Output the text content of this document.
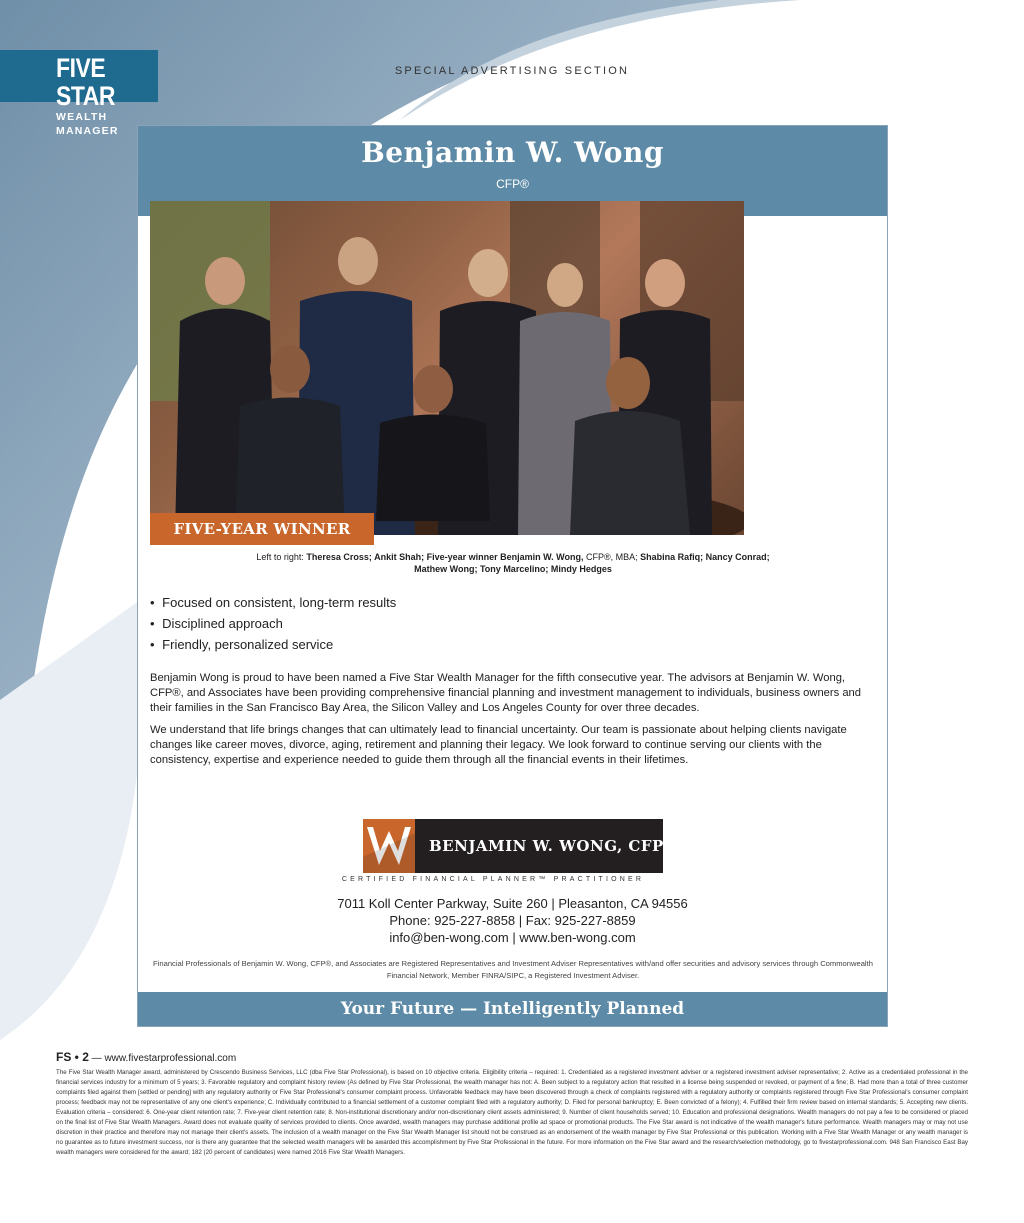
FIVE STAR
WEALTH MANAGER
SPECIAL ADVERTISING SECTION
Benjamin W. Wong
CFP®
FIVE-YEAR WINNER
Left to right: Theresa Cross; Ankit Shah; Five-year winner Benjamin W. Wong, CFP®, MBA; Shabina Rafiq; Nancy Conrad;
Mathew Wong; Tony Marcelino; Mindy Hedges
• Focused on consistent, long-term results
• Disciplined approach
• Friendly, personalized service

Benjamin Wong is proud to have been named a Five Star Wealth Manager for the fifth consecutive year. The advisors at Benjamin W. Wong, CFP®, and Associates have been providing comprehensive financial planning and investment management to individuals, business owners and their families in the San Francisco Bay Area, the Silicon Valley and Los Angeles County for over three decades.

We understand that life brings changes that can ultimately lead to financial uncertainty. Our team is passionate about helping clients navigate changes like career moves, divorce, aging, retirement and planning their legacy. We look forward to continue serving our clients with the consistency, expertise and experience needed to guide them through all the financial events in their lifetimes.

BENJAMIN W. WONG, CFP®
CERTIFIED FINANCIAL PLANNER™ PRACTITIONER
7011 Koll Center Parkway, Suite 260 | Pleasanton, CA 94556
Phone: 925-227-8858 | Fax: 925-227-8859
info@ben-wong.com | www.ben-wong.com
Financial Professionals of Benjamin W. Wong, CFP®, and Associates are Registered Representatives and Investment Adviser Representatives with/and offer securities and advisory services through Commonwealth Financial Network, Member FINRA/SIPC, a Registered Investment Adviser.
Your Future — Intelligently Planned
FS • 2 — www.fivestarprofessional.com
The Five Star Wealth Manager award, administered by Crescendo Business Services, LLC (dba Five Star Professional), is based on 10 objective criteria. Eligibility criteria – required: 1. Credentialed as a registered investment adviser or a registered investment adviser representative; 2. Active as a credentialed professional in the financial services industry for a minimum of 5 years; 3. Favorable regulatory and complaint history review (As defined by Five Star Professional, the wealth manager has not: A. Been subject to a regulatory action that resulted in a license being suspended or revoked, or payment of a fine; B. Had more than a total of three customer complaints filed against them [settled or pending] with any regulatory authority or Five Star Professional's consumer complaint process. Unfavorable feedback may have been discovered through a check of complaints registered with a regulatory authority or complaints registered through Five Star Professional's consumer complaint process; feedback may not be representative of any one client's experience; C. Individually contributed to a financial settlement of a customer complaint filed with a regulatory authority; D. Filed for personal bankruptcy; E. Been convicted of a felony); 4. Fulfilled their firm review based on internal standards; 5. Accepting new clients. Evaluation criteria – considered: 6. One-year client retention rate; 7. Five-year client retention rate; 8. Non-institutional discretionary and/or non-discretionary client assets administered; 9. Number of client households served; 10. Education and professional designations. Wealth managers do not pay a fee to be considered or placed on the final list of Five Star Wealth Managers. Award does not evaluate quality of services provided to clients. Once awarded, wealth managers may purchase additional profile ad space or promotional products. The Five Star award is not indicative of the wealth manager's future performance. Wealth managers may or may not use discretion in their practice and therefore may not manage their client's assets. The inclusion of a wealth manager on the Five Star Wealth Manager list should not be construed as an endorsement of the wealth manager by Five Star Professional or this publication. Working with a Five Star Wealth Manager or any wealth manager is no guarantee as to future investment success, nor is there any guarantee that the selected wealth managers will be awarded this accomplishment by Five Star Professional in the future. For more information on the Five Star award and the research/selection methodology, go to fivestarprofessional.com. 948 San Francisco East Bay wealth managers were considered for the award; 182 (20 percent of candidates) were named 2016 Five Star Wealth Managers.
